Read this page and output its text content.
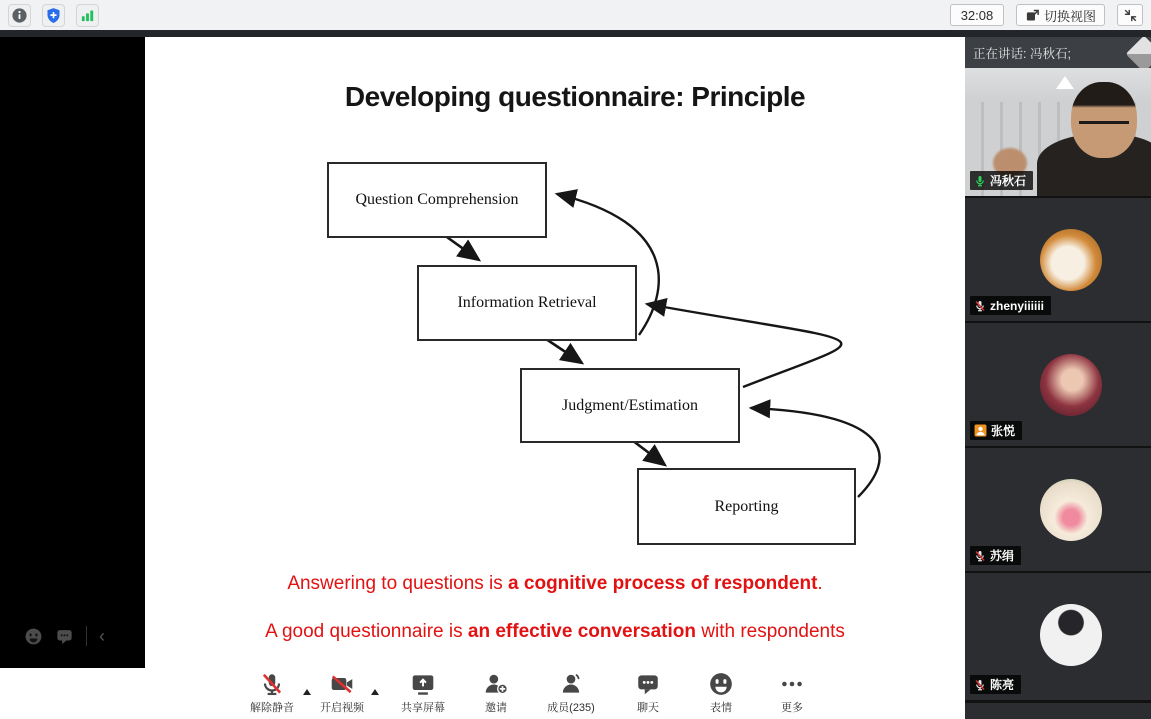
32:08	切换视图
‹
Developing questionnaire: Principle
Question Comprehension
Information Retrieval
Judgment/Estimation
Reporting

Answering to questions is a cognitive process of respondent.

A good questionnaire is an effective conversation with respondents

解除静音 开启视频	共享屏幕	邀请	成员(235)	聊天	表情	更多
正在讲话: 冯秋石;
冯秋石
zhenyiiiiii
张悦
苏绢
陈亮
